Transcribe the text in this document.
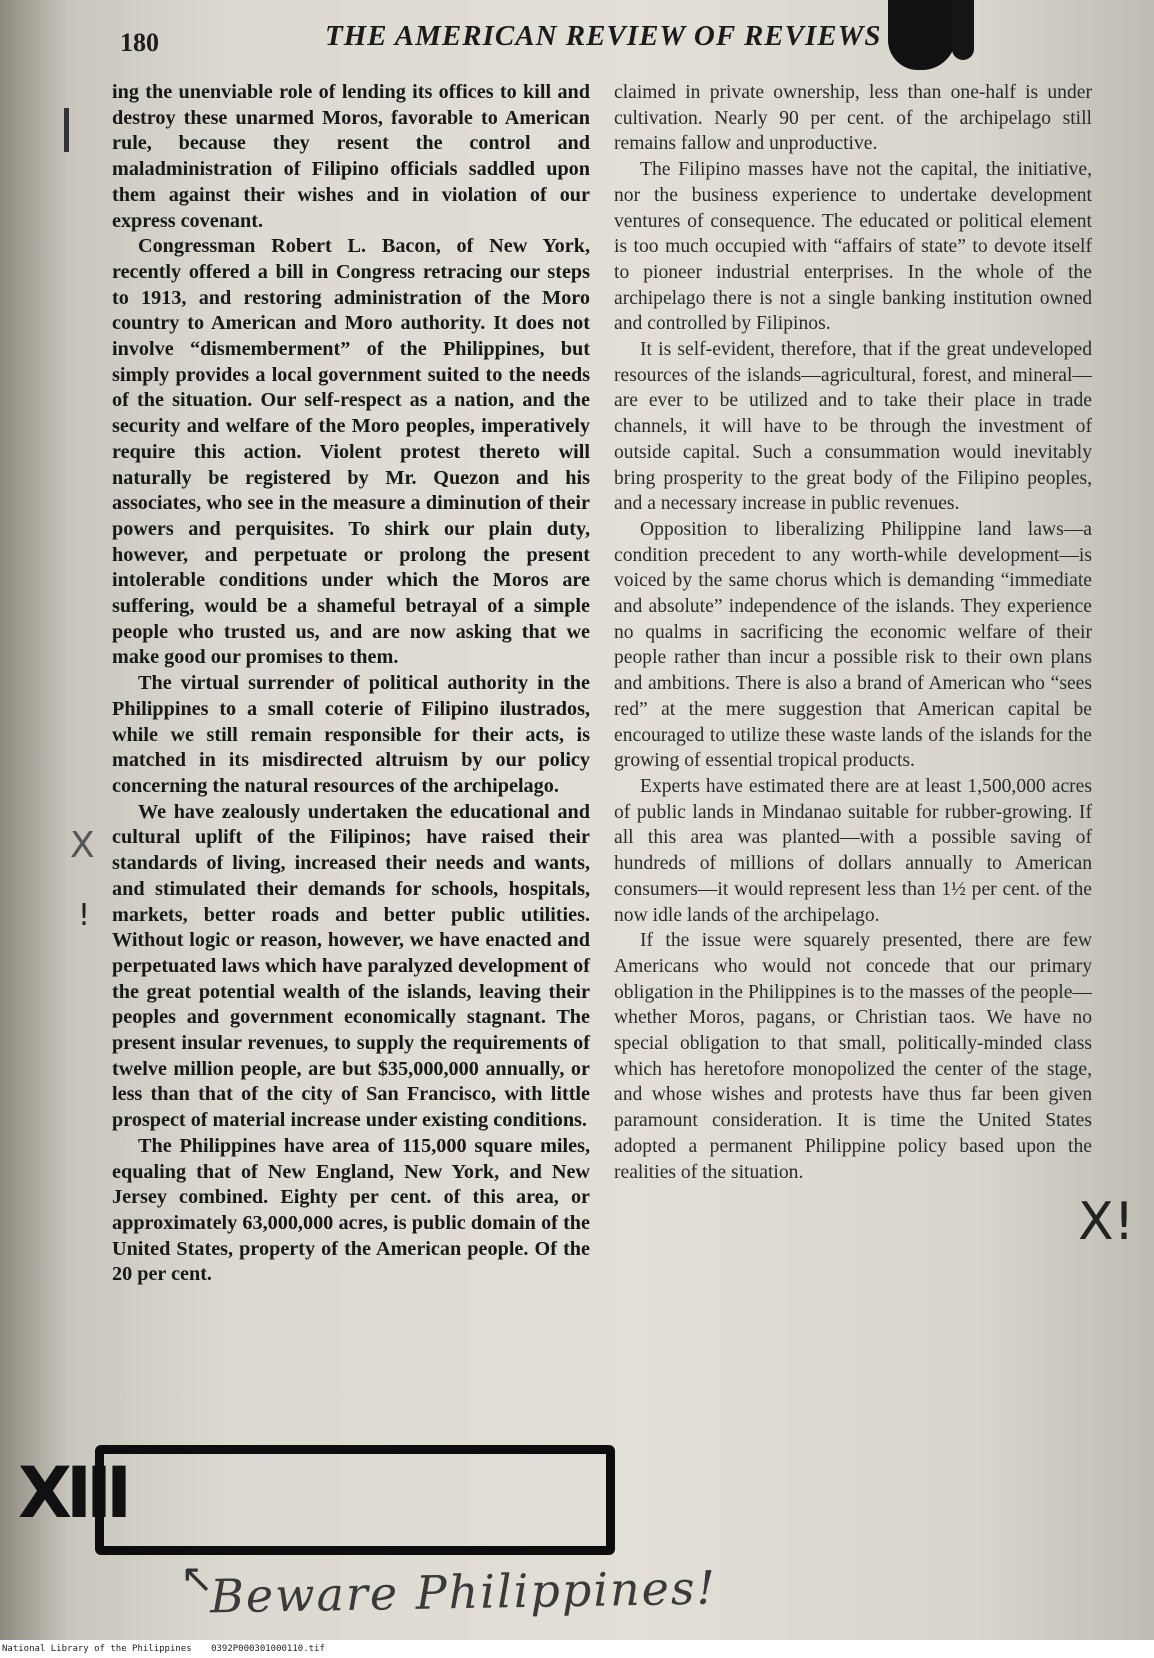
180	THE AMERICAN REVIEW OF REVIEWS

ing the unenviable role of lending its offices to kill and destroy these unarmed Moros, favorable to American rule, because they resent the control and maladministration of Filipino officials saddled upon them against their wishes and in violation of our express covenant.

Congressman Robert L. Bacon, of New York, recently offered a bill in Congress retracing our steps to 1913, and restoring administration of the Moro country to American and Moro authority. It does not involve “dismemberment” of the Philippines, but simply provides a local government suited to the needs of the situation. Our self-respect as a nation, and the security and welfare of the Moro peoples, imperatively require this action. Violent protest thereto will naturally be registered by Mr. Quezon and his associates, who see in the measure a diminution of their powers and perquisites. To shirk our plain duty, however, and perpetuate or prolong the present intolerable conditions under which the Moros are suffering, would be a shameful betrayal of a simple people who trusted us, and are now asking that we make good our promises to them.

The virtual surrender of political authority in the Philippines to a small coterie of Filipino ilustrados, while we still remain responsible for their acts, is matched in its misdirected altruism by our policy concerning the natural resources of the archipelago.

We have zealously undertaken the educational and cultural uplift of the Filipinos; have raised their standards of living, increased their needs and wants, and stimulated their demands for schools, hospitals, markets, better roads and better public utilities. Without logic or reason, however, we have enacted and perpetuated laws which have paralyzed development of the great potential wealth of the islands, leaving their peoples and government economically stagnant. The present insular revenues, to supply the requirements of twelve million people, are but $35,000,000 annually, or less than that of the city of San Francisco, with little prospect of material increase under existing conditions.

The Philippines have area of 115,000 square miles, equaling that of New England, New York, and New Jersey combined. Eighty per cent. of this area, or approximately 63,000,000 acres, is public domain of the United States, property of the American people. Of the 20 per cent.

claimed in private ownership, less than one-half is under cultivation. Nearly 90 per cent. of the archipelago still remains fallow and unproductive.

The Filipino masses have not the capital, the initiative, nor the business experience to undertake development ventures of consequence. The educated or political element is too much occupied with “affairs of state” to devote itself to pioneer industrial enterprises. In the whole of the archipelago there is not a single banking institution owned and controlled by Filipinos.

It is self-evident, therefore, that if the great undeveloped resources of the islands—agricultural, forest, and mineral—are ever to be utilized and to take their place in trade channels, it will have to be through the investment of outside capital. Such a consummation would inevitably bring prosperity to the great body of the Filipino peoples, and a necessary increase in public revenues.

Opposition to liberalizing Philippine land laws—a condition precedent to any worth-while development—is voiced by the same chorus which is demanding “immediate and absolute” independence of the islands. They experience no qualms in sacrificing the economic welfare of their people rather than incur a possible risk to their own plans and ambitions. There is also a brand of American who “sees red” at the mere suggestion that American capital be encouraged to utilize these waste lands of the islands for the growing of essential tropical products.

Experts have estimated there are at least 1,500,000 acres of public lands in Mindanao suitable for rubber-growing. If all this area was planted—with a possible saving of hundreds of millions of dollars annually to American consumers—it would represent less than 1½ per cent. of the now idle lands of the archipelago.

If the issue were squarely presented, there are few Americans who would not concede that our primary obligation in the Philippines is to the masses of the people—whether Moros, pagans, or Christian taos. We have no special obligation to that small, politically-minded class which has heretofore monopolized the center of the stage, and whose wishes and protests have thus far been given paramount consideration. It is time the United States adopted a permanent Philippine policy based upon the realities of the situation.

X
!
XIII
X!
↖
Beware Philippines!
National Library of the Philippines 0392P000301000110.tif
